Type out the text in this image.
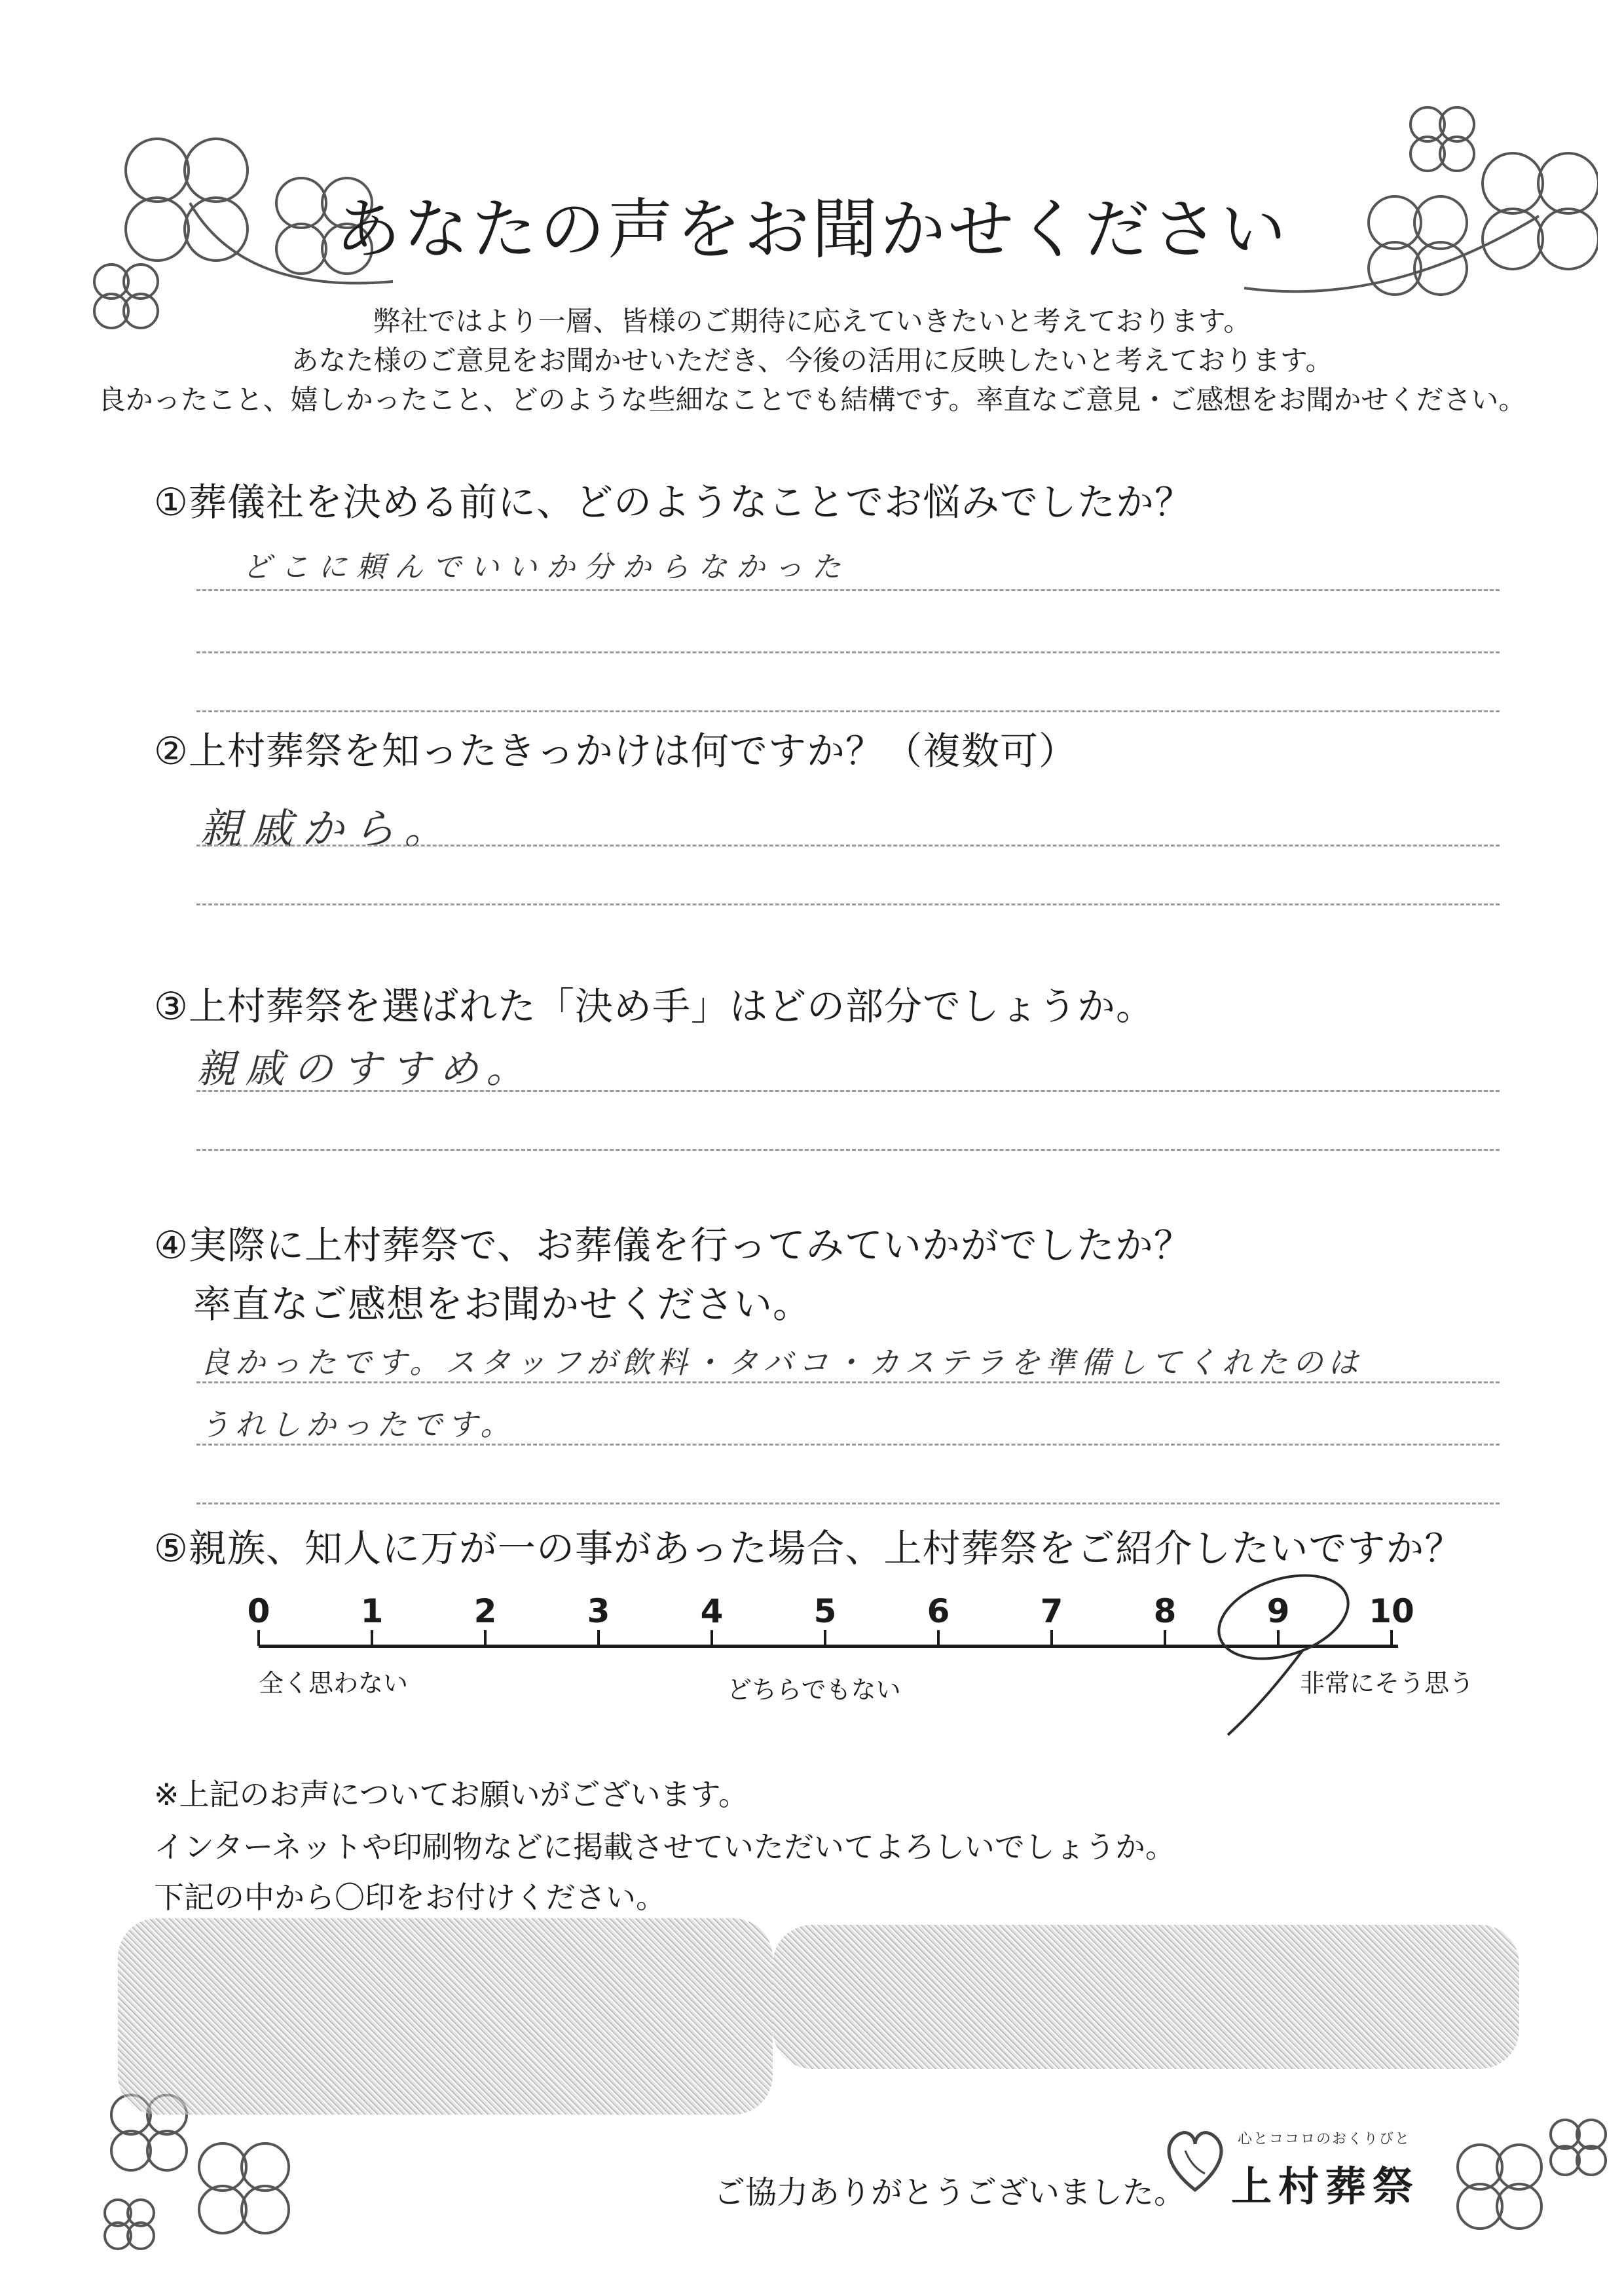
あなたの声をお聞かせください
弊社ではより一層、皆様のご期待に応えていきたいと考えております。
あなた様のご意見をお聞かせいただき、今後の活用に反映したいと考えております。
良かったこと、嬉しかったこと、どのような些細なことでも結構です。率直なご意見・ご感想をお聞かせください。
①葬儀社を決める前に、どのようなことでお悩みでしたか？
どこに頼んでいいか分からなかった
②上村葬祭を知ったきっかけは何ですか？（複数可）
親戚から。
③上村葬祭を選ばれた「決め手」はどの部分でしょうか。
親戚のすすめ。
④実際に上村葬祭で、お葬儀を行ってみていかがでしたか？
率直なご感想をお聞かせください。
良かったです。スタッフが飲料・タバコ・カステラを準備してくれたのは
うれしかったです。
⑤親族、知人に万が一の事があった場合、上村葬祭をご紹介したいですか？
0	1	2	3	4	5	6	7	8	9	10
全く思わない	どちらでもない	非常にそう思う
※上記のお声についてお願いがございます。
インターネットや印刷物などに掲載させていただいてよろしいでしょうか。
下記の中から〇印をお付けください。
ご協力ありがとうございました。
心とココロのおくりびと
上村葬祭
